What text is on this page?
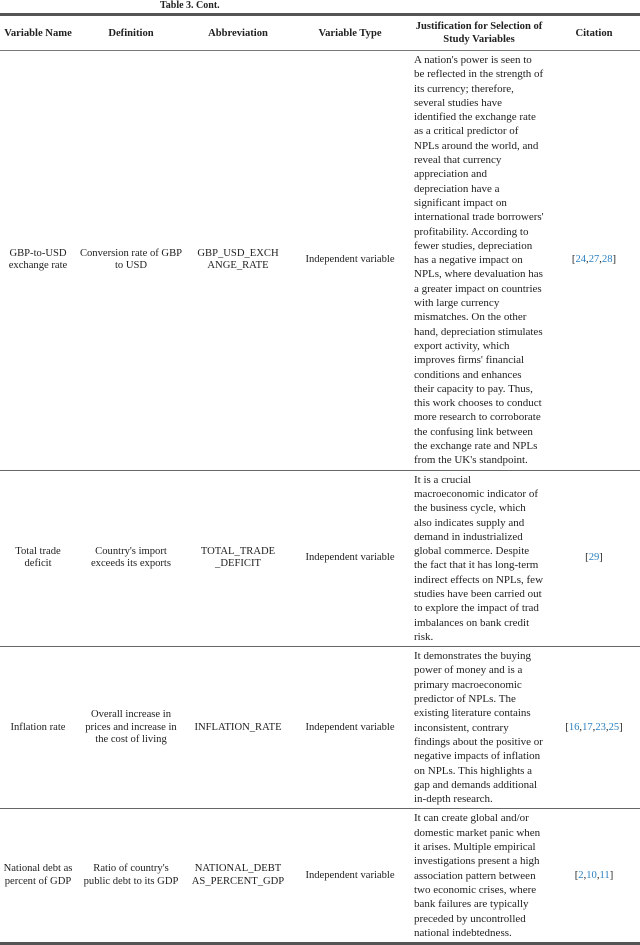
Table 3. Cont.
Variable Name	Definition	Abbreviation	Variable Type	Justification for Selection of Study Variables	Citation
GBP-to-USD exchange rate	Conversion rate of GBP to USD	GBP_USD_EXCH ANGE_RATE	Independent variable	A nation's power is seen to be reflected in the strength of its currency; therefore, several studies have identified the exchange rate as a critical predictor of NPLs around the world, and reveal that currency appreciation and depreciation have a significant impact on international trade borrowers' profitability. According to fewer studies, depreciation has a negative impact on NPLs, where devaluation has a greater impact on countries with large currency mismatches. On the other hand, depreciation stimulates export activity, which improves firms' financial conditions and enhances their capacity to pay. Thus, this work chooses to conduct more research to corroborate the confusing link between the exchange rate and NPLs from the UK's standpoint.	[24,27,28]
Total trade deficit	Country's import exceeds its exports	TOTAL_TRADE _DEFICIT	Independent variable	It is a crucial macroeconomic indicator of the business cycle, which also indicates supply and demand in industrialized global commerce. Despite the fact that it has long-term indirect effects on NPLs, few studies have been carried out to explore the impact of trad imbalances on bank credit risk.	[29]
Inflation rate	Overall increase in prices and increase in the cost of living	INFLATION_RATE	Independent variable	It demonstrates the buying power of money and is a primary macroeconomic predictor of NPLs. The existing literature contains inconsistent, contrary findings about the positive or negative impacts of inflation on NPLs. This highlights a gap and demands additional in-depth research.	[16,17,23,25]
National debt as percent of GDP	Ratio of country's public debt to its GDP	NATIONAL_DEBT AS_PERCENT_GDP	Independent variable	It can create global and/or domestic market panic when it arises. Multiple empirical investigations present a high association pattern between two economic crises, where bank failures are typically preceded by uncontrolled national indebtedness.	[2,10,11]
